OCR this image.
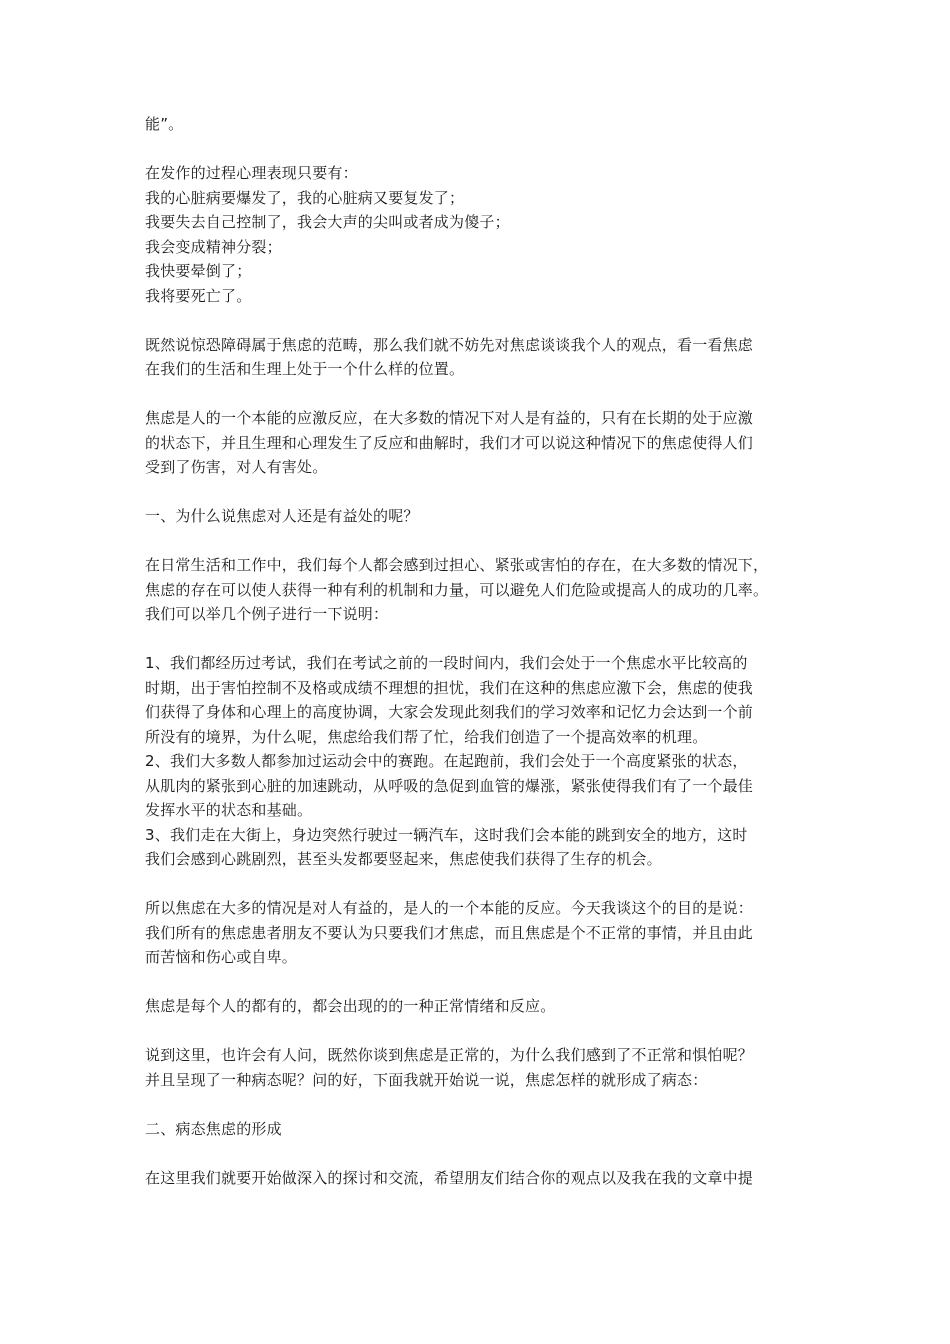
能”。
在发作的过程心理表现只要有：
我的心脏病要爆发了，我的心脏病又要复发了；
我要失去自己控制了，我会大声的尖叫或者成为傻子；
我会变成精神分裂；
我快要晕倒了；
我将要死亡了。
既然说惊恐障碍属于焦虑的范畴，那么我们就不妨先对焦虑谈谈我个人的观点，看一看焦虑
在我们的生活和生理上处于一个什么样的位置。
焦虑是人的一个本能的应激反应，在大多数的情况下对人是有益的，只有在长期的处于应激
的状态下，并且生理和心理发生了反应和曲解时，我们才可以说这种情况下的焦虑使得人们
受到了伤害，对人有害处。
一、为什么说焦虑对人还是有益处的呢？
在日常生活和工作中，我们每个人都会感到过担心、紧张或害怕的存在，在大多数的情况下，
焦虑的存在可以使人获得一种有利的机制和力量，可以避免人们危险或提高人的成功的几率。
我们可以举几个例子进行一下说明：
1、我们都经历过考试，我们在考试之前的一段时间内，我们会处于一个焦虑水平比较高的
时期，出于害怕控制不及格或成绩不理想的担忧，我们在这种的焦虑应激下会，焦虑的使我
们获得了身体和心理上的高度协调，大家会发现此刻我们的学习效率和记忆力会达到一个前
所没有的境界，为什么呢，焦虑给我们帮了忙，给我们创造了一个提高效率的机理。
2、我们大多数人都参加过运动会中的赛跑。在起跑前，我们会处于一个高度紧张的状态，
从肌肉的紧张到心脏的加速跳动，从呼吸的急促到血管的爆涨，紧张使得我们有了一个最佳
发挥水平的状态和基础。
3、我们走在大街上，身边突然行驶过一辆汽车，这时我们会本能的跳到安全的地方，这时
我们会感到心跳剧烈，甚至头发都要竖起来，焦虑使我们获得了生存的机会。
所以焦虑在大多的情况是对人有益的，是人的一个本能的反应。今天我谈这个的目的是说：
我们所有的焦虑患者朋友不要认为只要我们才焦虑，而且焦虑是个不正常的事情，并且由此
而苦恼和伤心或自卑。
焦虑是每个人的都有的，都会出现的的一种正常情绪和反应。
说到这里，也许会有人问，既然你谈到焦虑是正常的，为什么我们感到了不正常和惧怕呢？
并且呈现了一种病态呢？问的好，下面我就开始说一说，焦虑怎样的就形成了病态：
二、病态焦虑的形成
在这里我们就要开始做深入的探讨和交流，希望朋友们结合你的观点以及我在我的文章中提
